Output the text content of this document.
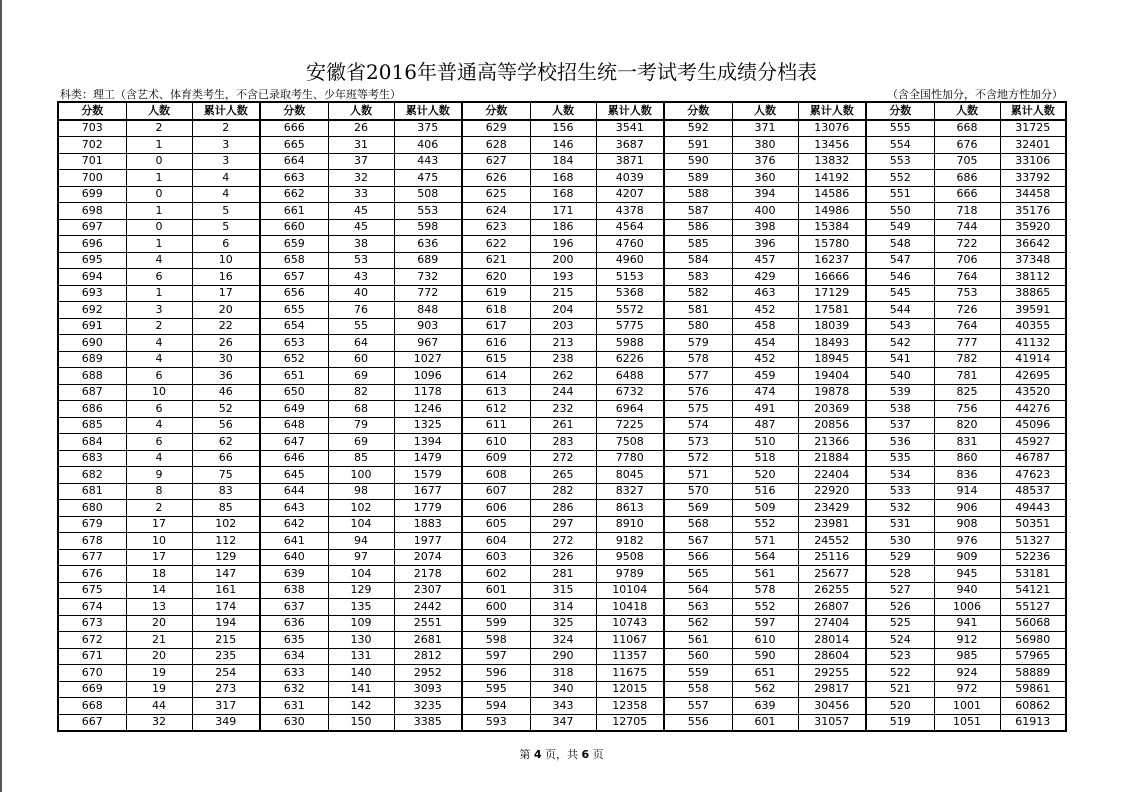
安徽省2016年普通高等学校招生统一考试考生成绩分档表
科类：理工（含艺术、体育类考生，不含已录取考生、少年班等考生）	（含全国性加分，不含地方性加分）
分数	人数	累计人数	分数	人数	累计人数	分数	人数	累计人数	分数	人数	累计人数	分数	人数	累计人数
703	2	2	666	26	375	629	156	3541	592	371	13076	555	668	31725
702	1	3	665	31	406	628	146	3687	591	380	13456	554	676	32401
701	0	3	664	37	443	627	184	3871	590	376	13832	553	705	33106
700	1	4	663	32	475	626	168	4039	589	360	14192	552	686	33792
699	0	4	662	33	508	625	168	4207	588	394	14586	551	666	34458
698	1	5	661	45	553	624	171	4378	587	400	14986	550	718	35176
697	0	5	660	45	598	623	186	4564	586	398	15384	549	744	35920
696	1	6	659	38	636	622	196	4760	585	396	15780	548	722	36642
695	4	10	658	53	689	621	200	4960	584	457	16237	547	706	37348
694	6	16	657	43	732	620	193	5153	583	429	16666	546	764	38112
693	1	17	656	40	772	619	215	5368	582	463	17129	545	753	38865
692	3	20	655	76	848	618	204	5572	581	452	17581	544	726	39591
691	2	22	654	55	903	617	203	5775	580	458	18039	543	764	40355
690	4	26	653	64	967	616	213	5988	579	454	18493	542	777	41132
689	4	30	652	60	1027	615	238	6226	578	452	18945	541	782	41914
688	6	36	651	69	1096	614	262	6488	577	459	19404	540	781	42695
687	10	46	650	82	1178	613	244	6732	576	474	19878	539	825	43520
686	6	52	649	68	1246	612	232	6964	575	491	20369	538	756	44276
685	4	56	648	79	1325	611	261	7225	574	487	20856	537	820	45096
684	6	62	647	69	1394	610	283	7508	573	510	21366	536	831	45927
683	4	66	646	85	1479	609	272	7780	572	518	21884	535	860	46787
682	9	75	645	100	1579	608	265	8045	571	520	22404	534	836	47623
681	8	83	644	98	1677	607	282	8327	570	516	22920	533	914	48537
680	2	85	643	102	1779	606	286	8613	569	509	23429	532	906	49443
679	17	102	642	104	1883	605	297	8910	568	552	23981	531	908	50351
678	10	112	641	94	1977	604	272	9182	567	571	24552	530	976	51327
677	17	129	640	97	2074	603	326	9508	566	564	25116	529	909	52236
676	18	147	639	104	2178	602	281	9789	565	561	25677	528	945	53181
675	14	161	638	129	2307	601	315	10104	564	578	26255	527	940	54121
674	13	174	637	135	2442	600	314	10418	563	552	26807	526	1006	55127
673	20	194	636	109	2551	599	325	10743	562	597	27404	525	941	56068
672	21	215	635	130	2681	598	324	11067	561	610	28014	524	912	56980
671	20	235	634	131	2812	597	290	11357	560	590	28604	523	985	57965
670	19	254	633	140	2952	596	318	11675	559	651	29255	522	924	58889
669	19	273	632	141	3093	595	340	12015	558	562	29817	521	972	59861
668	44	317	631	142	3235	594	343	12358	557	639	30456	520	1001	60862
667	32	349	630	150	3385	593	347	12705	556	601	31057	519	1051	61913
第 4 页，共 6 页
